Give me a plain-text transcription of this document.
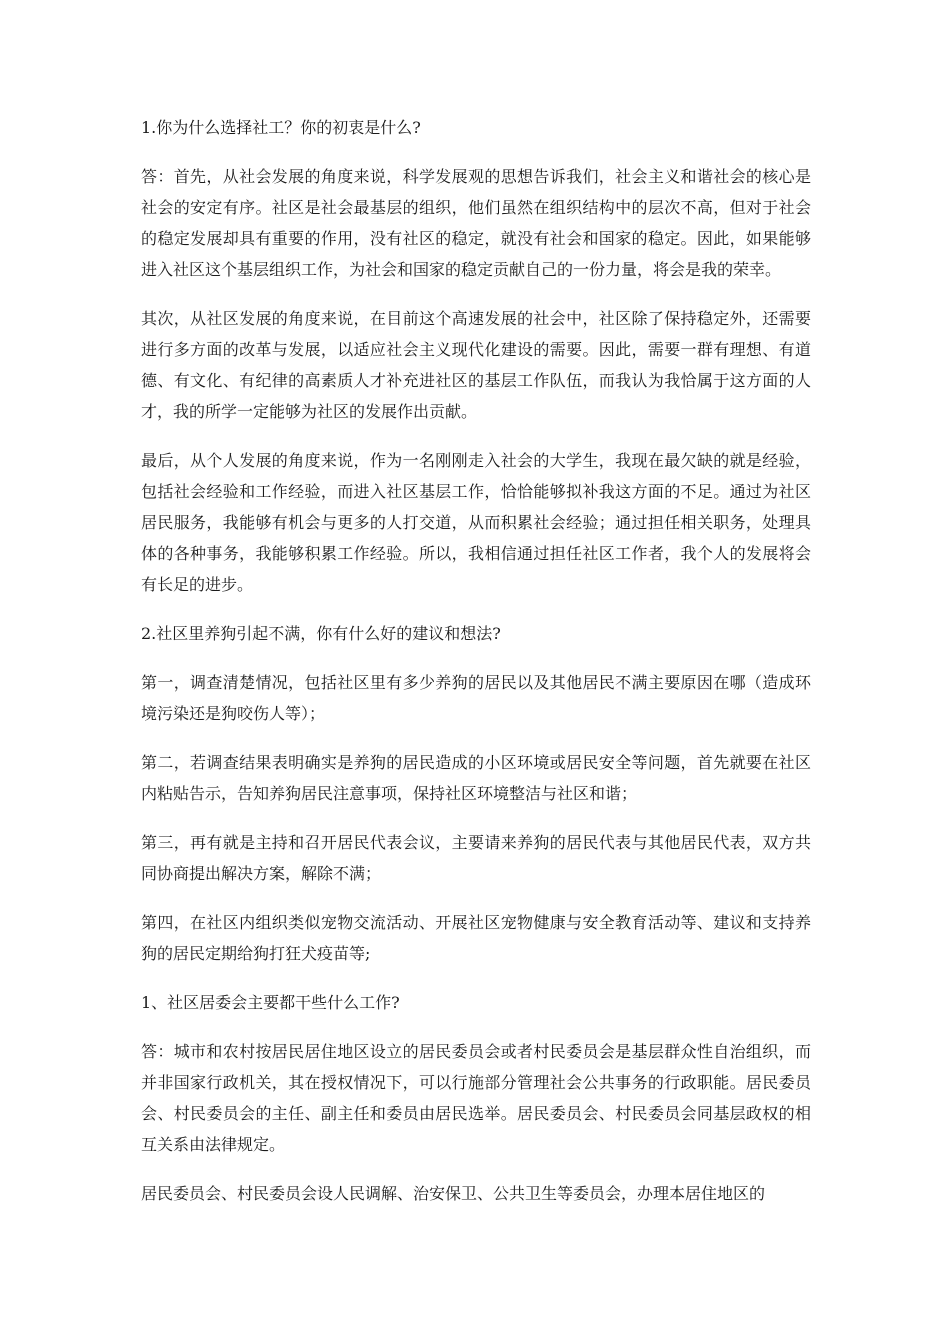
1.你为什么选择社工？你的初衷是什么?

答：首先，从社会发展的角度来说，科学发展观的思想告诉我们，社会主义和谐社会的核心是社会的安定有序。社区是社会最基层的组织，他们虽然在组织结构中的层次不高，但对于社会的稳定发展却具有重要的作用，没有社区的稳定，就没有社会和国家的稳定。因此，如果能够进入社区这个基层组织工作，为社会和国家的稳定贡献自己的一份力量，将会是我的荣幸。

其次，从社区发展的角度来说，在目前这个高速发展的社会中，社区除了保持稳定外，还需要进行多方面的改革与发展，以适应社会主义现代化建设的需要。因此，需要一群有理想、有道德、有文化、有纪律的高素质人才补充进社区的基层工作队伍，而我认为我恰属于这方面的人才，我的所学一定能够为社区的发展作出贡献。

最后，从个人发展的角度来说，作为一名刚刚走入社会的大学生，我现在最欠缺的就是经验，包括社会经验和工作经验，而进入社区基层工作，恰恰能够拟补我这方面的不足。通过为社区居民服务，我能够有机会与更多的人打交道，从而积累社会经验；通过担任相关职务，处理具体的各种事务，我能够积累工作经验。所以，我相信通过担任社区工作者，我个人的发展将会有长足的进步。

2.社区里养狗引起不满，你有什么好的建议和想法?

第一，调查清楚情况，包括社区里有多少养狗的居民以及其他居民不满主要原因在哪（造成环境污染还是狗咬伤人等）；

第二，若调查结果表明确实是养狗的居民造成的小区环境或居民安全等问题，首先就要在社区内粘贴告示，告知养狗居民注意事项，保持社区环境整洁与社区和谐；

第三，再有就是主持和召开居民代表会议，主要请来养狗的居民代表与其他居民代表，双方共同协商提出解决方案，解除不满；

第四，在社区内组织类似宠物交流活动、开展社区宠物健康与安全教育活动等、建议和支持养狗的居民定期给狗打狂犬疫苗等;

1、社区居委会主要都干些什么工作?

答：城市和农村按居民居住地区设立的居民委员会或者村民委员会是基层群众性自治组织，而并非国家行政机关，其在授权情况下，可以行施部分管理社会公共事务的行政职能。居民委员会、村民委员会的主任、副主任和委员由居民选举。居民委员会、村民委员会同基层政权的相互关系由法律规定。

居民委员会、村民委员会设人民调解、治安保卫、公共卫生等委员会，办理本居住地区的
